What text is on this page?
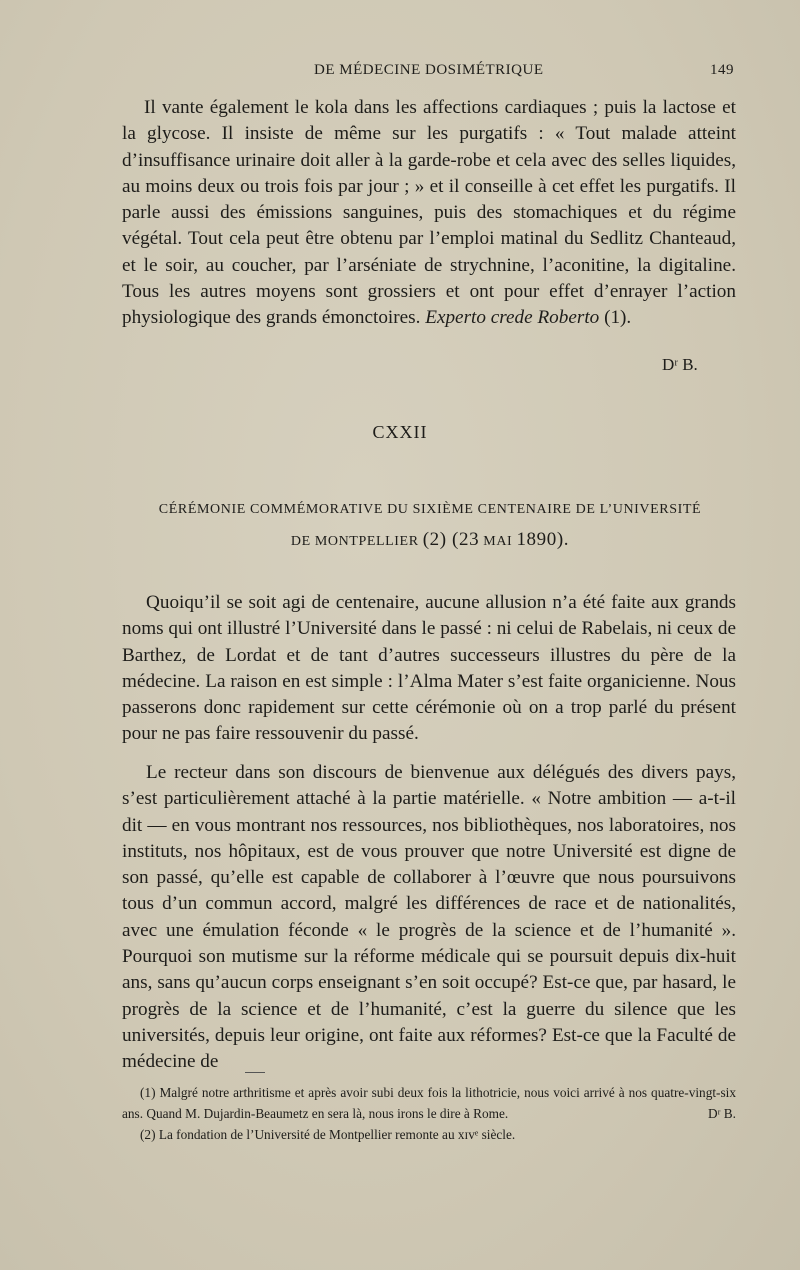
DE MÉDECINE DOSIMÉTRIQUE	149

Il vante également le kola dans les affections cardiaques ; puis la lactose et la glycose. Il insiste de même sur les purgatifs : « Tout malade atteint d’insuffisance urinaire doit aller à la garde-robe et cela avec des selles liquides, au moins deux ou trois fois par jour ; » et il conseille à cet effet les purgatifs. Il parle aussi des émissions sanguines, puis des stomachiques et du régime végétal. Tout cela peut être obtenu par l’emploi matinal du Sedlitz Chanteaud, et le soir, au coucher, par l’arséniate de strychnine, l’aconitine, la digitaline. Tous les autres moyens sont grossiers et ont pour effet d’enrayer l’action physiologique des grands émonctoires. Experto crede Roberto (1).

Dʳ B.
CXXII
CÉRÉMONIE COMMÉMORATIVE DU SIXIÈME CENTENAIRE DE L’UNIVERSITÉ
DE MONTPELLIER (2) (23 MAI 1890).

Quoiqu’il se soit agi de centenaire, aucune allusion n’a été faite aux grands noms qui ont illustré l’Université dans le passé : ni celui de Rabelais, ni ceux de Barthez, de Lordat et de tant d’autres successeurs illustres du père de la médecine. La raison en est simple : l’Alma Mater s’est faite organicienne. Nous passerons donc rapidement sur cette cérémonie où on a trop parlé du présent pour ne pas faire ressouvenir du passé.

Le recteur dans son discours de bienvenue aux délégués des divers pays, s’est particulièrement attaché à la partie matérielle. « Notre ambition — a-t-il dit — en vous montrant nos ressources, nos bibliothèques, nos laboratoires, nos instituts, nos hôpitaux, est de vous prouver que notre Université est digne de son passé, qu’elle est capable de collaborer à l’œuvre que nous poursuivons tous d’un commun accord, malgré les différences de race et de nationalités, avec une émulation féconde « le progrès de la science et de l’humanité ». Pourquoi son mutisme sur la réforme médicale qui se poursuit depuis dix-huit ans, sans qu’aucun corps enseignant s’en soit occupé? Est-ce que, par hasard, le progrès de la science et de l’humanité, c’est la guerre du silence que les universités, depuis leur origine, ont faite aux réformes? Est-ce que la Faculté de médecine de

(1) Malgré notre arthritisme et après avoir subi deux fois la lithotricie, nous voici arrivé à nos quatre-vingt-six ans. Quand M. Dujardin-Beaumetz en sera là, nous irons le dire à Rome.	Dʳ B.

(2) La fondation de l’Université de Montpellier remonte au xɪᴠᵉ siècle.
